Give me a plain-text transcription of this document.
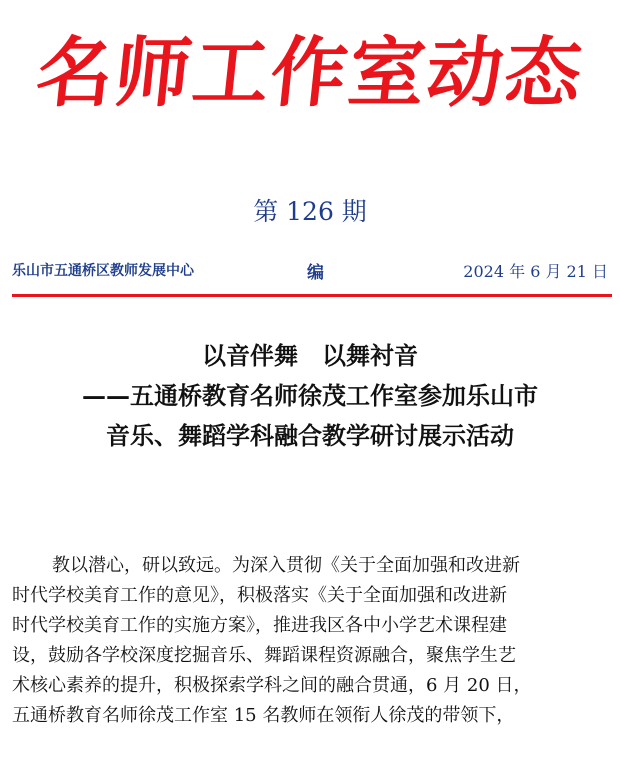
名师工作室动态
第 126 期
乐山市五通桥区教师发展中心	编	2024 年 6 月 21 日
以音伴舞　以舞衬音
——五通桥教育名师徐茂工作室参加乐山市
音乐、舞蹈学科融合教学研讨展示活动
教以潜心，研以致远。为深入贯彻《关于全面加强和改进新
时代学校美育工作的意见》，积极落实《关于全面加强和改进新
时代学校美育工作的实施方案》，推进我区各中小学艺术课程建
设，鼓励各学校深度挖掘音乐、舞蹈课程资源融合，聚焦学生艺
术核心素养的提升，积极探索学科之间的融合贯通，6 月 20 日，
五通桥教育名师徐茂工作室 15 名教师在领衔人徐茂的带领下，
